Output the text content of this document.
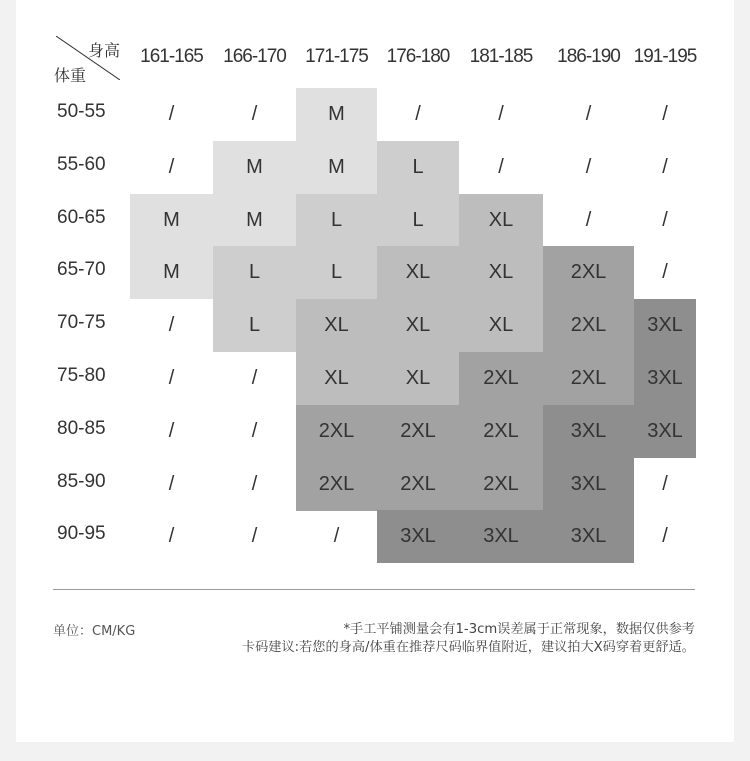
身高
体重
161-165	166-170	171-175 176-180	181-185	186-190 191-195
50-55	/	/	M	/	/	/	/
55-60	/	M	M	L	/	/	/
60-65	M	M	L	L	XL	/	/
65-70	M	L	L	XL	XL	2XL	/
70-75	/	L	XL	XL	XL	2XL	3XL
75-80	/	/	XL	XL	2XL	2XL	3XL
80-85	/	/	2XL	2XL	2XL	3XL	3XL
85-90	/	/	2XL	2XL	2XL	3XL	/
90-95	/	/	/	3XL	3XL	3XL	/
单位：CM/KG	*手工平铺测量会有1-3cm误差属于正常现象，数据仅供参考
卡码建议:若您的身高/体重在推荐尺码临界值附近，建议拍大X码穿着更舒适。
